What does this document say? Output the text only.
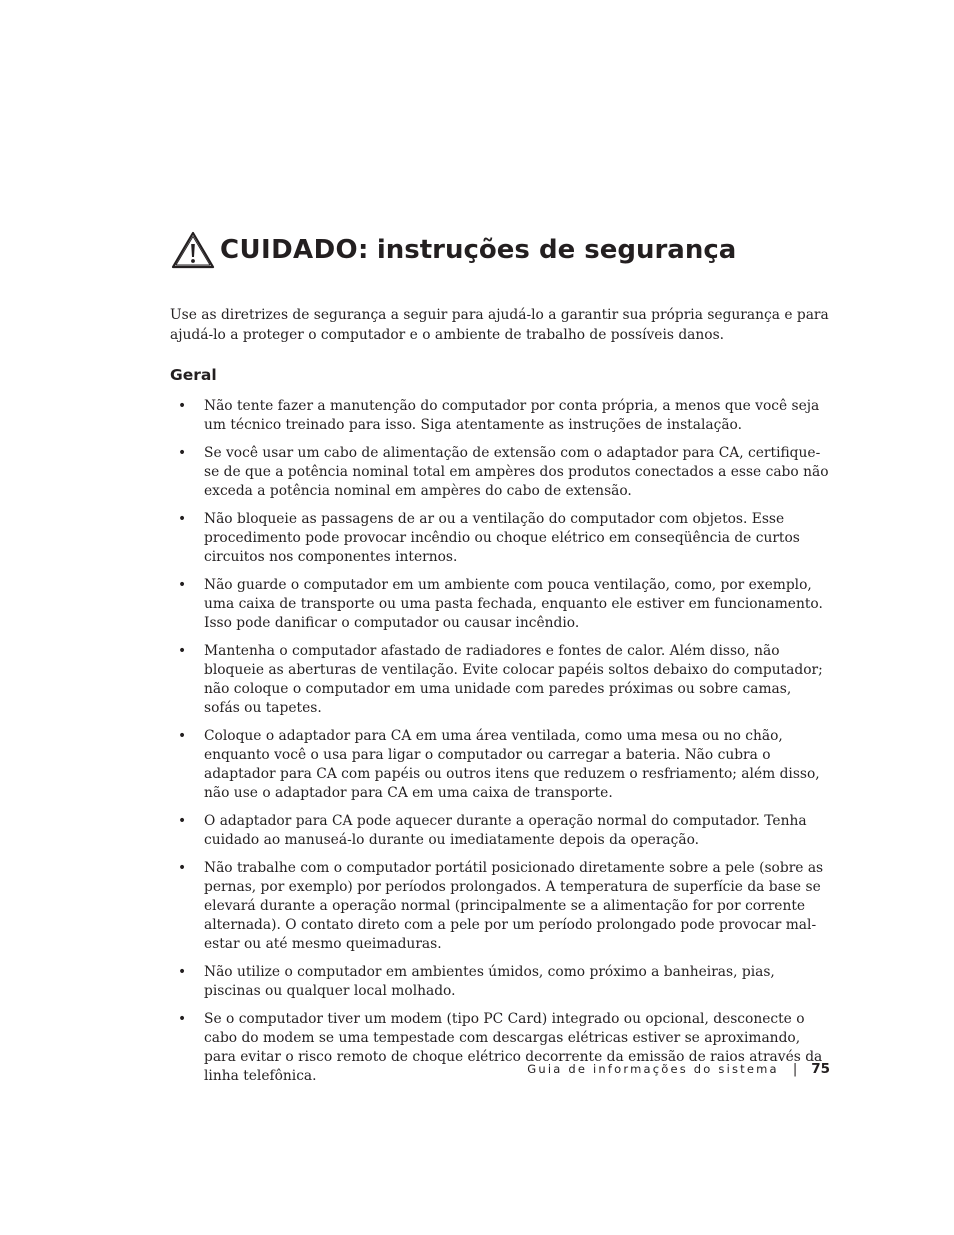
CUIDADO: instruções de segurança

Use as diretrizes de segurança a seguir para ajudá-lo a garantir sua própria segurança e para ajudá-lo a proteger o computador e o ambiente de trabalho de possíveis danos.

Geral
• Não tente fazer a manutenção do computador por conta própria, a menos que você seja um técnico treinado para isso. Siga atentamente as instruções de instalação.
• Se você usar um cabo de alimentação de extensão com o adaptador para CA, certifique-se de que a potência nominal total em ampères dos produtos conectados a esse cabo não exceda a potência nominal em ampères do cabo de extensão.
• Não bloqueie as passagens de ar ou a ventilação do computador com objetos. Esse procedimento pode provocar incêndio ou choque elétrico em conseqüência de curtos circuitos nos componentes internos.
• Não guarde o computador em um ambiente com pouca ventilação, como, por exemplo, uma caixa de transporte ou uma pasta fechada, enquanto ele estiver em funcionamento. Isso pode danificar o computador ou causar incêndio.
• Mantenha o computador afastado de radiadores e fontes de calor. Além disso, não bloqueie as aberturas de ventilação. Evite colocar papéis soltos debaixo do computador; não coloque o computador em uma unidade com paredes próximas ou sobre camas, sofás ou tapetes.
• Coloque o adaptador para CA em uma área ventilada, como uma mesa ou no chão, enquanto você o usa para ligar o computador ou carregar a bateria. Não cubra o adaptador para CA com papéis ou outros itens que reduzem o resfriamento; além disso, não use o adaptador para CA em uma caixa de transporte.
• O adaptador para CA pode aquecer durante a operação normal do computador. Tenha cuidado ao manuseá-lo durante ou imediatamente depois da operação.
• Não trabalhe com o computador portátil posicionado diretamente sobre a pele (sobre as pernas, por exemplo) por períodos prolongados. A temperatura de superfície da base se elevará durante a operação normal (principalmente se a alimentação for por corrente alternada). O contato direto com a pele por um período prolongado pode provocar mal-estar ou até mesmo queimaduras.
• Não utilize o computador em ambientes úmidos, como próximo a banheiras, pias, piscinas ou qualquer local molhado.
• Se o computador tiver um modem (tipo PC Card) integrado ou opcional, desconecte o cabo do modem se uma tempestade com descargas elétricas estiver se aproximando, para evitar o risco remoto de choque elétrico decorrente da emissão de raios através da linha telefônica.	Guia de informações do sistema | 75
